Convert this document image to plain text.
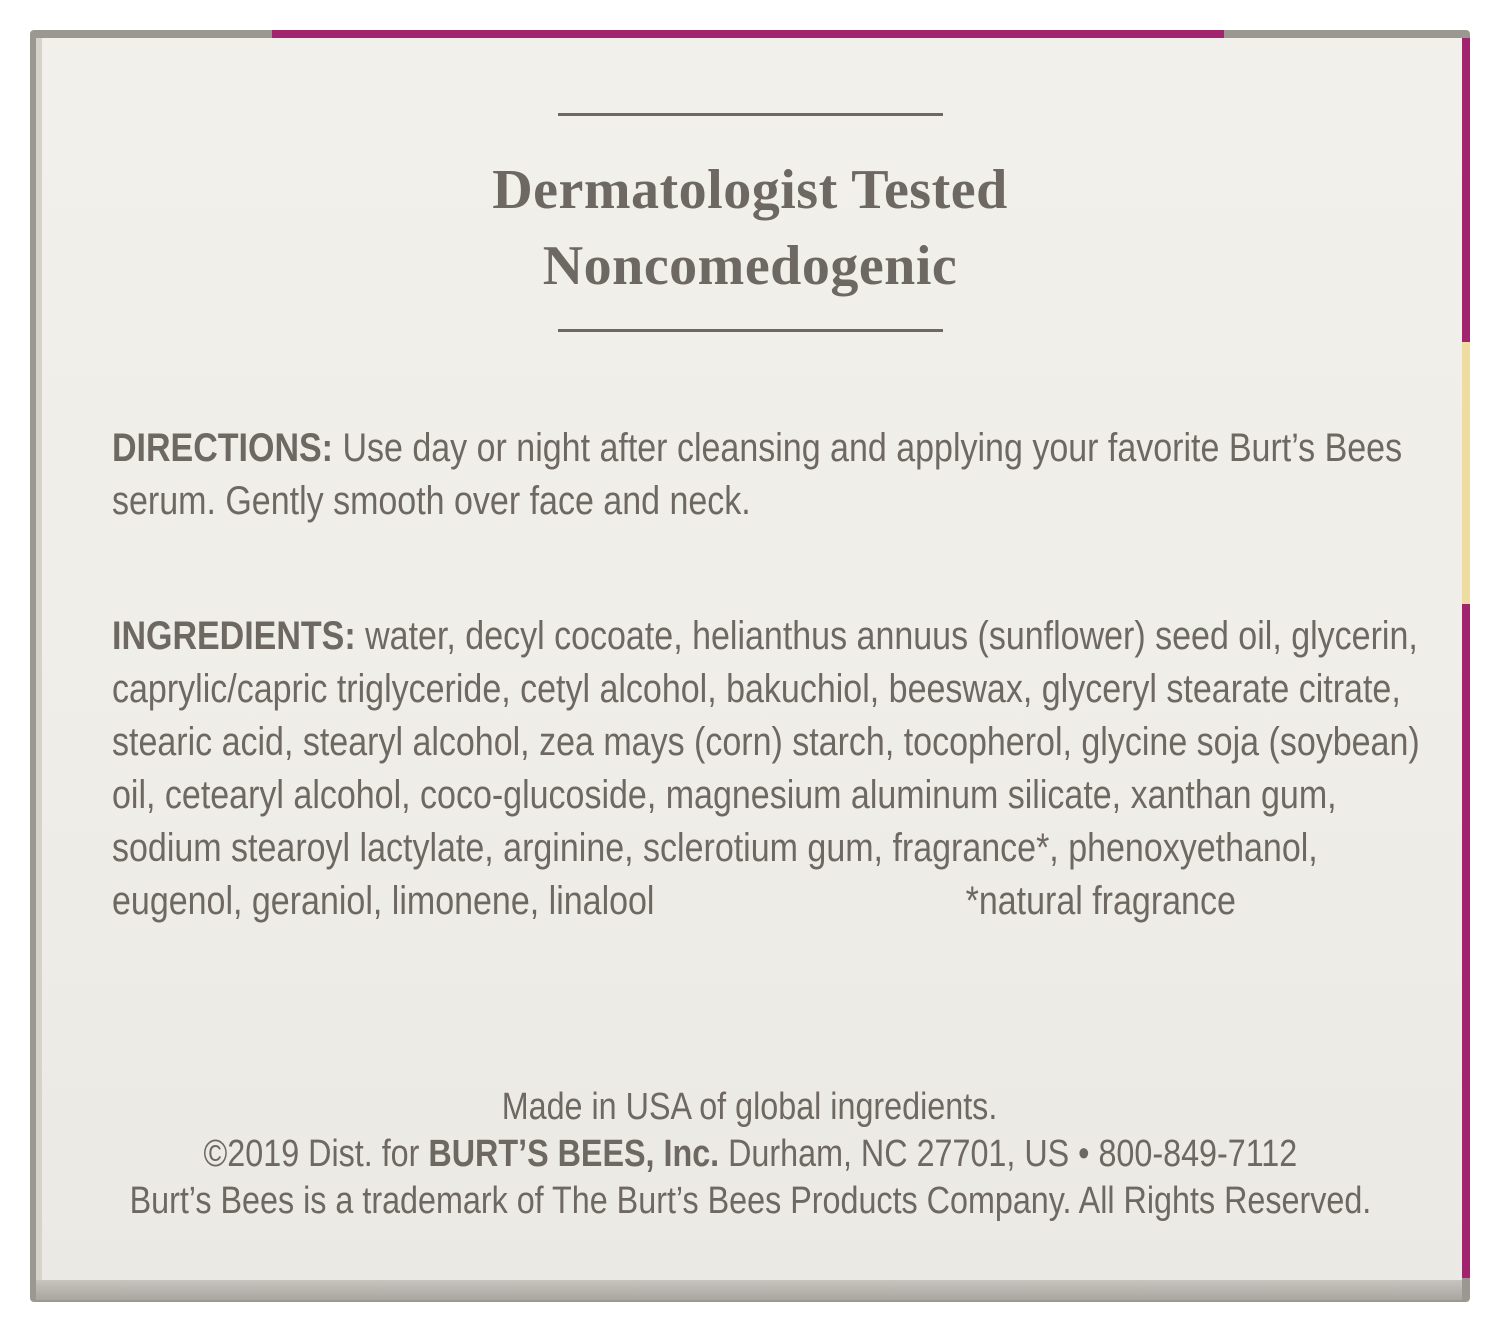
Dermatologist Tested
Noncomedogenic
DIRECTIONS: Use day or night after cleansing and applying your favorite Burt’s Bees
serum. Gently smooth over face and neck.
INGREDIENTS: water, decyl cocoate, helianthus annuus (sunflower) seed oil, glycerin,
caprylic/capric triglyceride, cetyl alcohol, bakuchiol, beeswax, glyceryl stearate citrate,
stearic acid, stearyl alcohol, zea mays (corn) starch, tocopherol, glycine soja (soybean)
oil, cetearyl alcohol, coco-glucoside, magnesium aluminum silicate, xanthan gum,
sodium stearoyl lactylate, arginine, sclerotium gum, fragrance*, phenoxyethanol,
eugenol, geraniol, limonene, linalool	*natural fragrance
Made in USA of global ingredients.
©2019 Dist. for BURT’S BEES, Inc. Durham, NC 27701, US • 800-849-7112
Burt’s Bees is a trademark of The Burt’s Bees Products Company. All Rights Reserved.
